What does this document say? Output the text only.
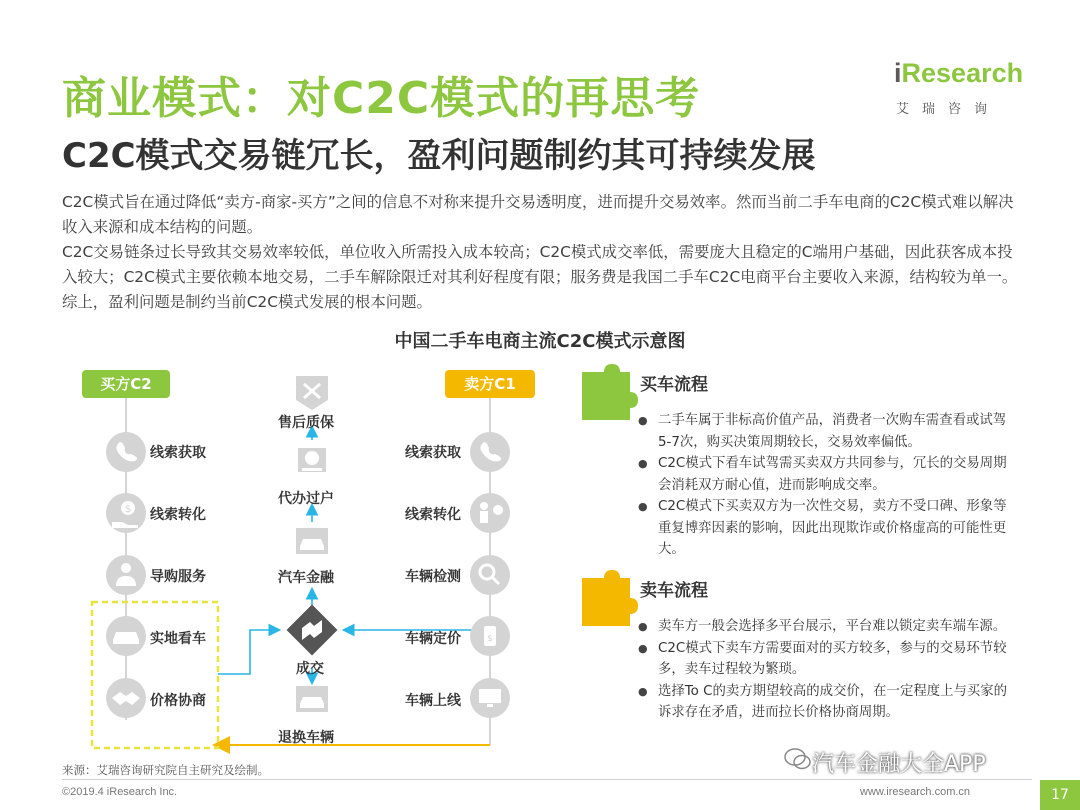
商业模式：对C2C模式的再思考
C2C模式交易链冗长，盈利问题制约其可持续发展
iResearch
艾瑞咨询
C2C模式旨在通过降低“卖方-商家-买方”之间的信息不对称来提升交易透明度，进而提升交易效率。然而当前二手车电商的C2C模式难以解决收入来源和成本结构的问题。
C2C交易链条过长导致其交易效率较低，单位收入所需投入成本较高；C2C模式成交率低，需要庞大且稳定的C端用户基础，因此获客成本投入较大；C2C模式主要依赖本地交易，二手车解除限迁对其利好程度有限；服务费是我国二手车C2C电商平台主要收入来源，结构较为单一。综上，盈利问题是制约当前C2C模式发展的根本问题。
中国二手车电商主流C2C模式示意图
$
$
买方C2	卖方C1
线索获取
线索转化
导购服务
实地看车
价格协商
线索获取
线索转化
车辆检测
车辆定价
车辆上线
售后质保
代办过户
汽车金融
成交
退换车辆
买车流程
● 二手车属于非标高价值产品，消费者一次购车需查看或试驾5-7次，购买决策周期较长，交易效率偏低。
● C2C模式下看车试驾需买卖双方共同参与，冗长的交易周期会消耗双方耐心值，进而影响成交率。
● C2C模式下买卖双方为一次性交易，卖方不受口碑、形象等重复博弈因素的影响，因此出现欺诈或价格虚高的可能性更大。
卖车流程
● 卖车方一般会选择多平台展示，平台难以锁定卖车端车源。
● C2C模式下卖车方需要面对的买方较多，参与的交易环节较多，卖车过程较为繁琐。
● 选择To C的卖方期望较高的成交价，在一定程度上与买家的诉求存在矛盾，进而拉长价格协商周期。
来源：艾瑞咨询研究院自主研究及绘制。
©2019.4 iResearch Inc.	www.iresearch.com.cn	17
汽车金融大全APP
